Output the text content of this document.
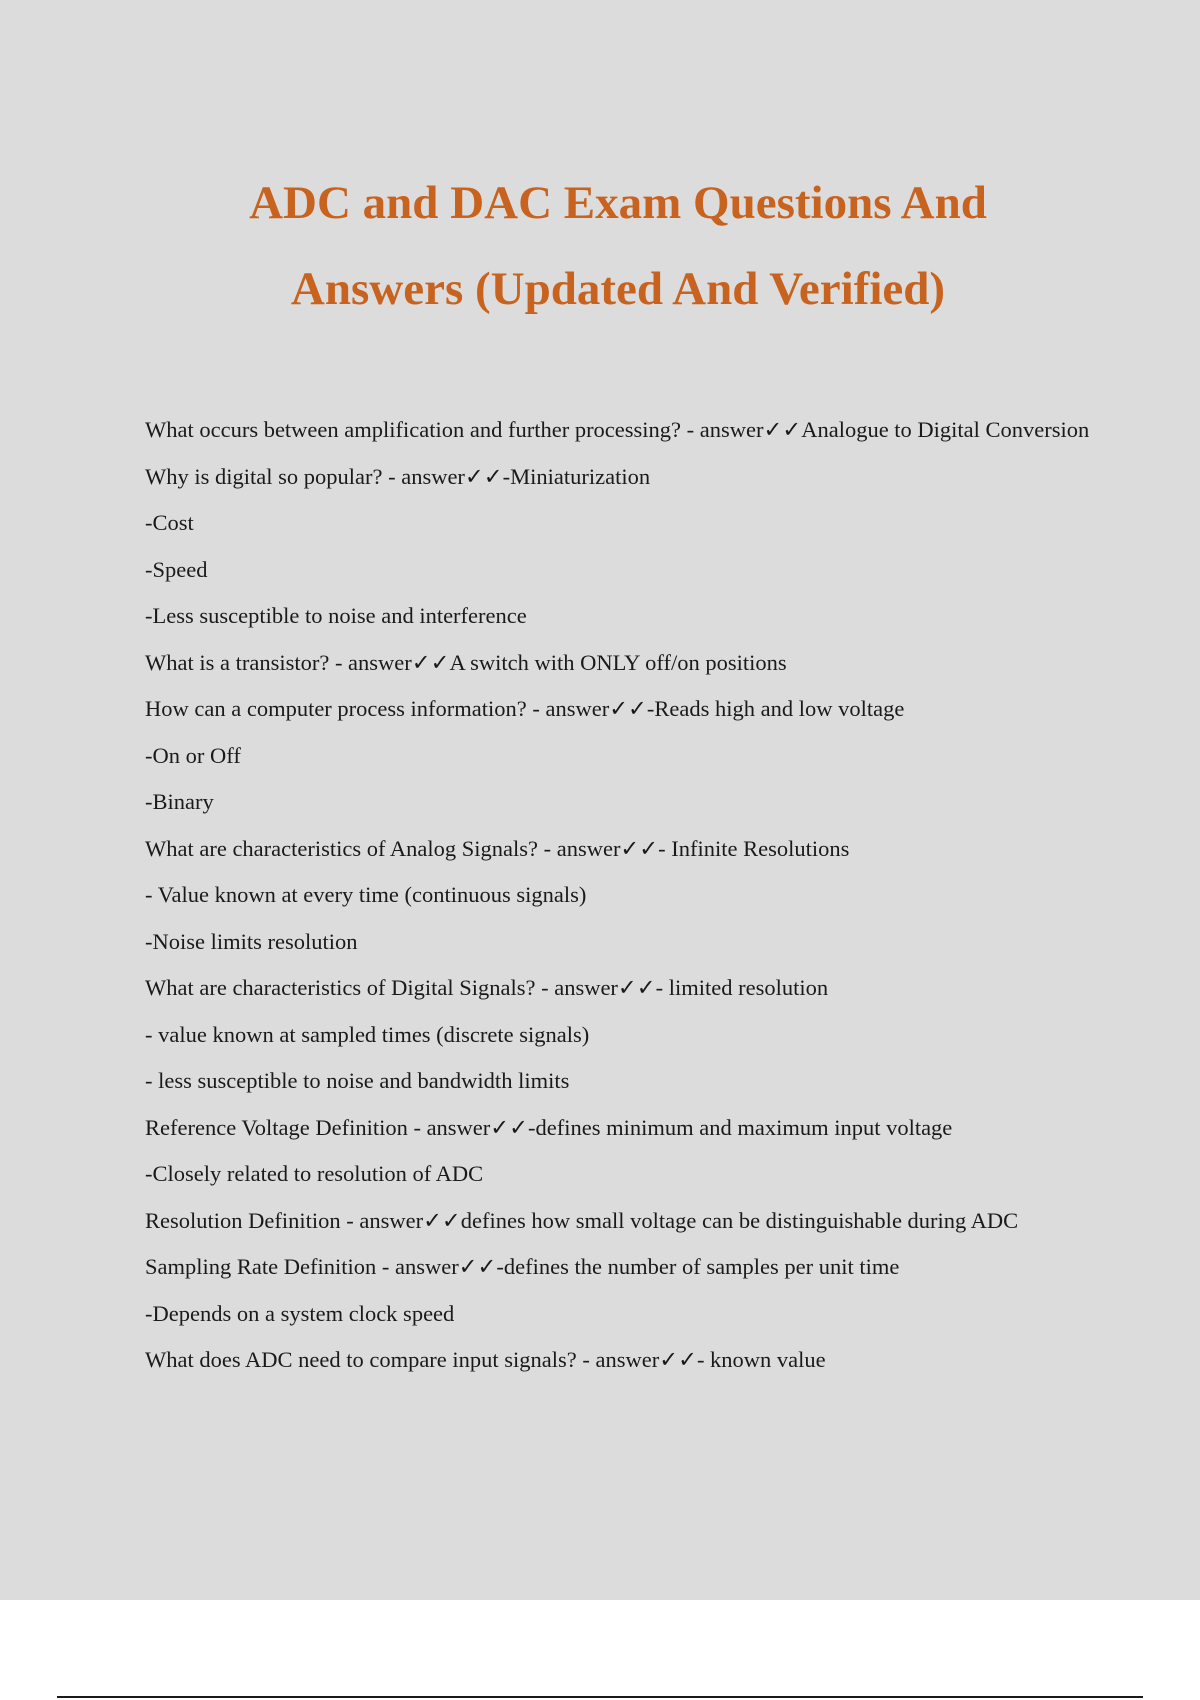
ADC and DAC Exam Questions And
Answers (Updated And Verified)

What occurs between amplification and further processing? - answer✓✓Analogue to Digital Conversion

Why is digital so popular? - answer✓✓-Miniaturization

-Cost

-Speed

-Less susceptible to noise and interference

What is a transistor? - answer✓✓A switch with ONLY off/on positions

How can a computer process information? - answer✓✓-Reads high and low voltage

-On or Off

-Binary

What are characteristics of Analog Signals? - answer✓✓- Infinite Resolutions

- Value known at every time (continuous signals)

-Noise limits resolution

What are characteristics of Digital Signals? - answer✓✓- limited resolution

- value known at sampled times (discrete signals)

- less susceptible to noise and bandwidth limits

Reference Voltage Definition - answer✓✓-defines minimum and maximum input voltage

-Closely related to resolution of ADC

Resolution Definition - answer✓✓defines how small voltage can be distinguishable during ADC

Sampling Rate Definition - answer✓✓-defines the number of samples per unit time

-Depends on a system clock speed

What does ADC need to compare input signals? - answer✓✓- known value
